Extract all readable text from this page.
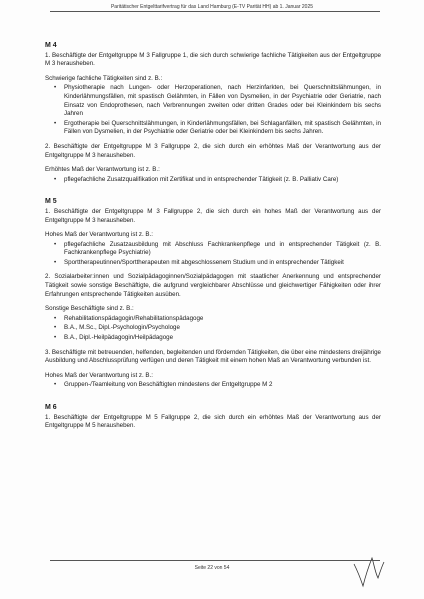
Paritätischer Entgelttarifvertrag für das Land Hamburg (E-TV Parität HH) ab 1. Januar 2025
M 4

1. Beschäftigte der Entgeltgruppe M 3 Fallgruppe 1, die sich durch schwierige fachliche Tätigkeiten aus der Entgeltgruppe M 3 herausheben.

Schwierige fachliche Tätigkeiten sind z. B.:

• Physiotherapie nach Lungen- oder Herzoperationen, nach Herzinfarkten, bei Querschnittslähmungen, in Kinderlähmungsfällen, mit spastisch Gelähmten, in Fällen von Dysmelien, in der Psychiatrie oder Geriatrie, nach Einsatz von Endoprothesen, nach Verbrennungen zweiten oder dritten Grades oder bei Kleinkindern bis sechs Jahren
• Ergotherapie bei Querschnittslähmungen, in Kinderlähmungsfällen, bei Schlaganfällen, mit spastisch Gelähmten, in Fällen von Dysmelien, in der Psychiatrie oder Geriatrie oder bei Kleinkindern bis sechs Jahren.

2. Beschäftigte der Entgeltgruppe M 3 Fallgruppe 2, die sich durch ein erhöhtes Maß der Verantwortung aus der Entgeltgruppe M 3 herausheben.

Erhöhtes Maß der Verantwortung ist z. B.:

• pflegefachliche Zusatzqualifikation mit Zertifikat und in entsprechender Tätigkeit (z. B. Palliativ Care)
M 5

1. Beschäftigte der Entgeltgruppe M 3 Fallgruppe 2, die sich durch ein hohes Maß der Verantwortung aus der Entgeltgruppe M 3 herausheben.

Hohes Maß der Verantwortung ist z. B.:

• pflegefachliche Zusatzausbildung mit Abschluss Fachkrankenpflege und in entsprechender Tätigkeit (z. B. Fachkrankenpflege Psychiatrie)
• Sporttherapeutinnen/Sporttherapeuten mit abgeschlossenem Studium und in entsprechender Tätigkeit

2. Sozialarbeiter:innen und Sozialpädagoginnen/Sozialpädagogen mit staatlicher Anerkennung und entsprechender Tätigkeit sowie sonstige Beschäftigte, die aufgrund vergleichbarer Abschlüsse und gleichwertiger Fähigkeiten oder ihrer Erfahrungen entsprechende Tätigkeiten ausüben.

Sonstige Beschäftigte sind z. B.:

• Rehabilitationspädagogin/Rehabilitationspädagoge
• B.A., M.Sc., Dipl.-Psychologin/Psychologe
• B.A., Dipl.-Heilpädagogin/Heilpädagoge

3. Beschäftigte mit betreuenden, helfenden, begleitenden und fördernden Tätigkeiten, die über eine mindestens dreijährige Ausbildung und Abschlussprüfung verfügen und deren Tätigkeit mit einem hohen Maß an Verantwortung verbunden ist.

Hohes Maß der Verantwortung ist z. B.:

• Gruppen-/Teamleitung von Beschäftigten mindestens der Entgeltgruppe M 2
M 6

1. Beschäftigte der Entgeltgruppe M 5 Fallgruppe 2, die sich durch ein erhöhtes Maß der Verantwortung aus der Entgeltgruppe M 5 herausheben.

Seite 22 von 54
